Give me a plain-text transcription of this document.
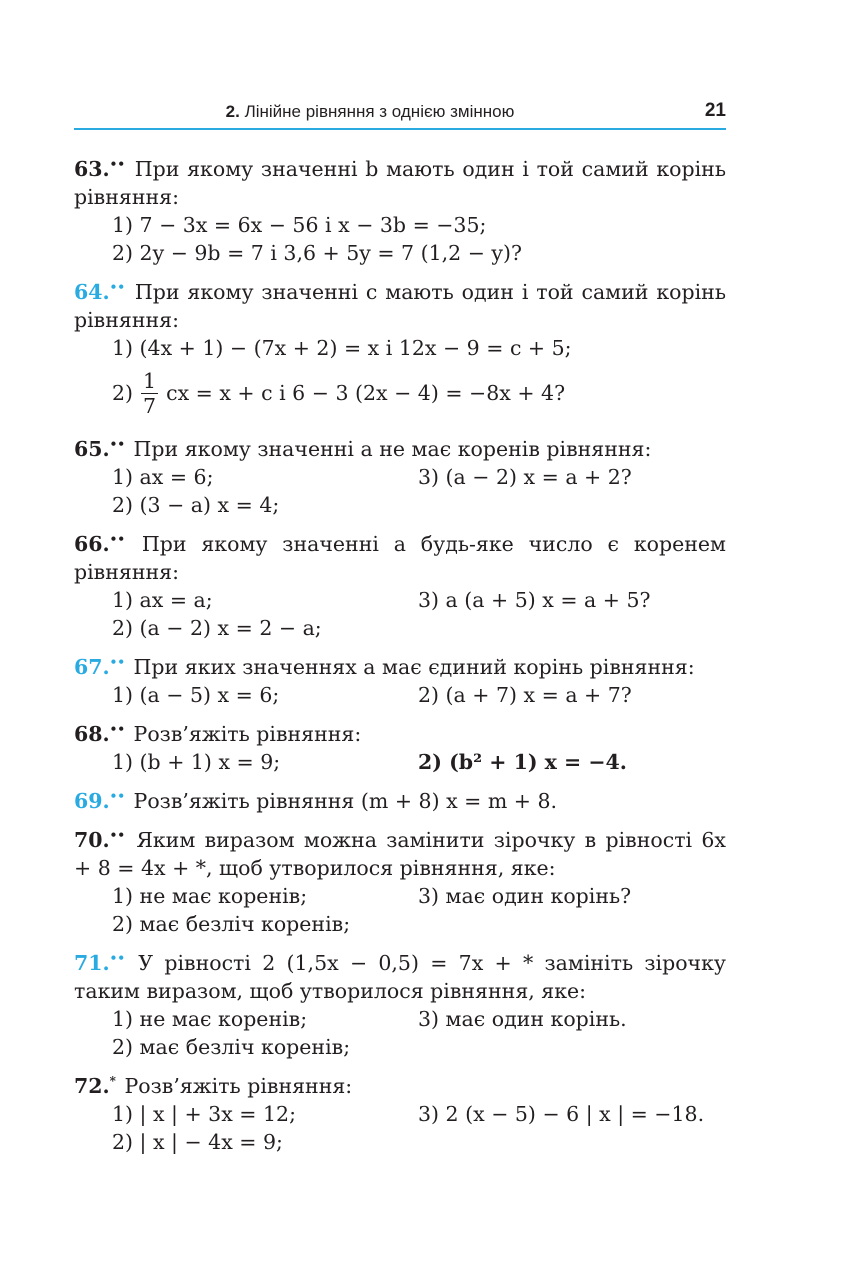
2. Лінійне рівняння з однією змінною	21
63.•• При якому значенні b мають один і той самий корінь рівняння:
1) 7 − 3x = 6x − 56 і x − 3b = −35;
2) 2y − 9b = 7 і 3,6 + 5y = 7 (1,2 − y)?
64.•• При якому значенні c мають один і той самий корінь рівняння:
1) (4x + 1) − (7x + 2) = x і 12x − 9 = c + 5;
$2) \frac{1}{7}$ cx = x + c і 6 − 3 (2x − 4) = −8x + 4?
65.•• При якому значенні a не має коренів рівняння:
1) ax = 6;	3) (a − 2) x = a + 2?
2) (3 − a) x = 4;
66.•• При якому значенні a будь-яке число є коренем рівняння:
1) ax = a;	3) a (a + 5) x = a + 5?
2) (a − 2) x = 2 − a;
67.•• При яких значеннях a має єдиний корінь рівняння:
1) (a − 5) x = 6;	2) (a + 7) x = a + 7?
68.•• Розв’яжіть рівняння:
1) (b + 1) x = 9;	2) (b² + 1) x = −4.
69.•• Розв’яжіть рівняння (m + 8) x = m + 8.
70.•• Яким виразом можна замінити зірочку в рівності 6x + 8 = 4x + *, щоб утворилося рівняння, яке:
1) не має коренів;	3) має один корінь?
2) має безліч коренів;
71.•• У рівності 2 (1,5x − 0,5) = 7x + * замініть зірочку таким виразом, щоб утворилося рівняння, яке:
1) не має коренів;	3) має один корінь.
2) має безліч коренів;
72.* Розв’яжіть рівняння:
1) | x | + 3x = 12;	3) 2 (x − 5) − 6 | x | = −18.
2) | x | − 4x = 9;
